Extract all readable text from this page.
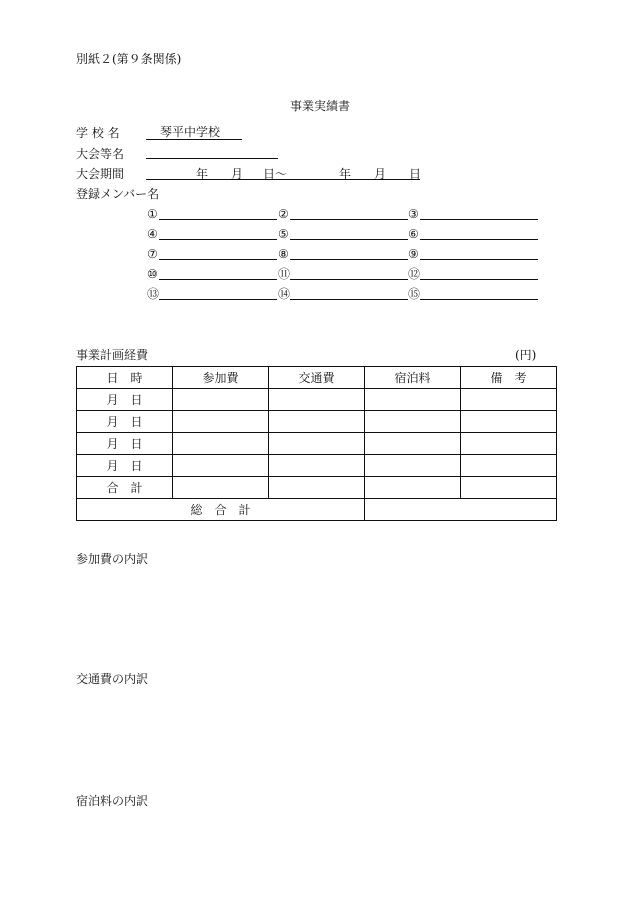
別紙２(第９条関係)
事業実績書
学 校 名	琴平中学校
大会等名
大会期間	年 月 日〜	年 月 日
登録メンバー名
①	②	③
④	⑤	⑥
⑦	⑧	⑨
⑩	⑪	⑫
⑬	⑭	⑮
事業計画経費	(円)
日　時	参加費	交通費	宿泊料	備　考
月　日				
月　日				
月　日				
月　日				
合　計				
総　合　計				
参加費の内訳
交通費の内訳
宿泊料の内訳
